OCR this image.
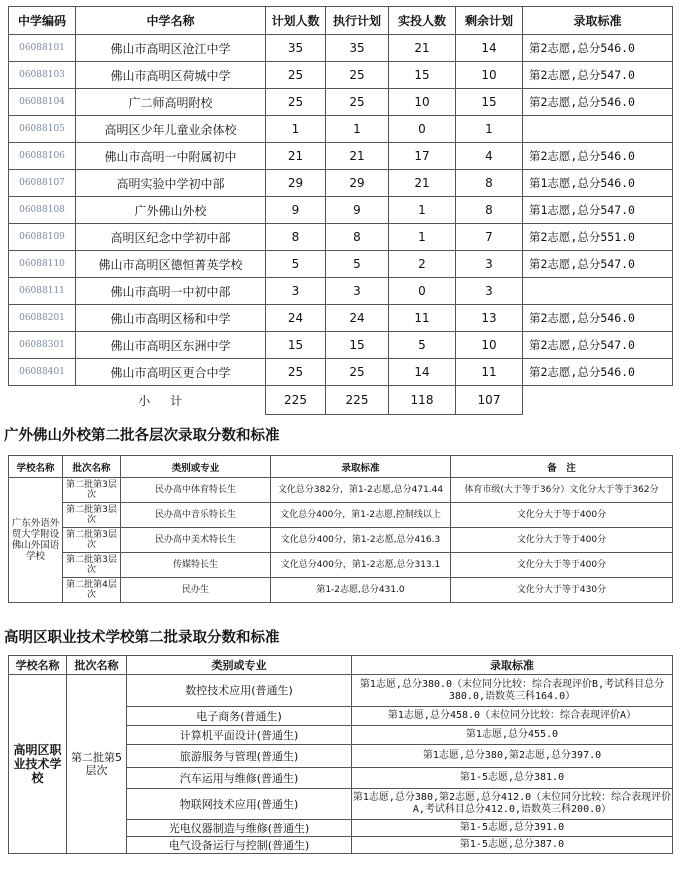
中学编码	中学名称	计划人数	执行计划	实投人数	剩余计划	录取标准
06088101	佛山市高明区沧江中学	35	35	21	14	第2志愿,总分546.0
06088103	佛山市高明区荷城中学	25	25	15	10	第2志愿,总分547.0
06088104	广二师高明附校	25	25	10	15	第2志愿,总分546.0
06088105	高明区少年儿童业余体校	1	1	0	1	
06088106	佛山市高明一中附属初中	21	21	17	4	第2志愿,总分546.0
06088107	高明实验中学初中部	29	29	21	8	第1志愿,总分546.0
06088108	广外佛山外校	9	9	1	8	第1志愿,总分547.0
06088109	高明区纪念中学初中部	8	8	1	7	第2志愿,总分551.0
06088110	佛山市高明区德恒菁英学校	5	5	2	3	第2志愿,总分547.0
06088111	佛山市高明一中初中部	3	3	0	3	
06088201	佛山市高明区杨和中学	24	24	11	13	第2志愿,总分546.0
06088301	佛山市高明区东洲中学	15	15	5	10	第2志愿,总分547.0
06088401	佛山市高明区更合中学	25	25	14	11	第2志愿,总分546.0
	小计	225	225	118	107	
广外佛山外校第二批各层次录取分数和标准
学校名称	批次名称	类别或专业	录取标准	备　注
广东外语外贸大学附设佛山外国语学校	第二批第3层次	民办高中体育特长生	文化总分382分，第1-2志愿,总分471.44	体育市级(大于等于36分）文化分大于等于362分
	第二批第3层次	民办高中音乐特长生	文化总分400分，第1-2志愿,控制线以上	文化分大于等于400分
	第二批第3层次	民办高中美术特长生	文化总分400分，第1-2志愿,总分416.3	文化分大于等于400分
	第二批第3层次	传媒特长生	文化总分400分，第1-2志愿,总分313.1	文化分大于等于400分
	第二批第4层次	民办生	第1-2志愿,总分431.0	文化分大于等于430分
高明区职业技术学校第二批录取分数和标准
学校名称	批次名称	类别或专业	录取标准
高明区职业技术学校	第二批第5层次	数控技术应用(普通生)	第1志愿,总分380.0（末位同分比较：综合表现评价B,考试科目总分380.0,语数英三科164.0）
		电子商务(普通生)	第1志愿,总分458.0（末位同分比较：综合表现评价A）
		计算机平面设计(普通生)	第1志愿,总分455.0
		旅游服务与管理(普通生)	第1志愿,总分380,第2志愿,总分397.0
		汽车运用与维修(普通生)	第1-5志愿,总分381.0
		物联网技术应用(普通生)	第1志愿,总分380,第2志愿,总分412.0（末位同分比较：综合表现评价A,考试科目总分412.0,语数英三科200.0）
		光电仪器制造与维修(普通生)	第1-5志愿,总分391.0
		电气设备运行与控制(普通生)	第1-5志愿,总分387.0
